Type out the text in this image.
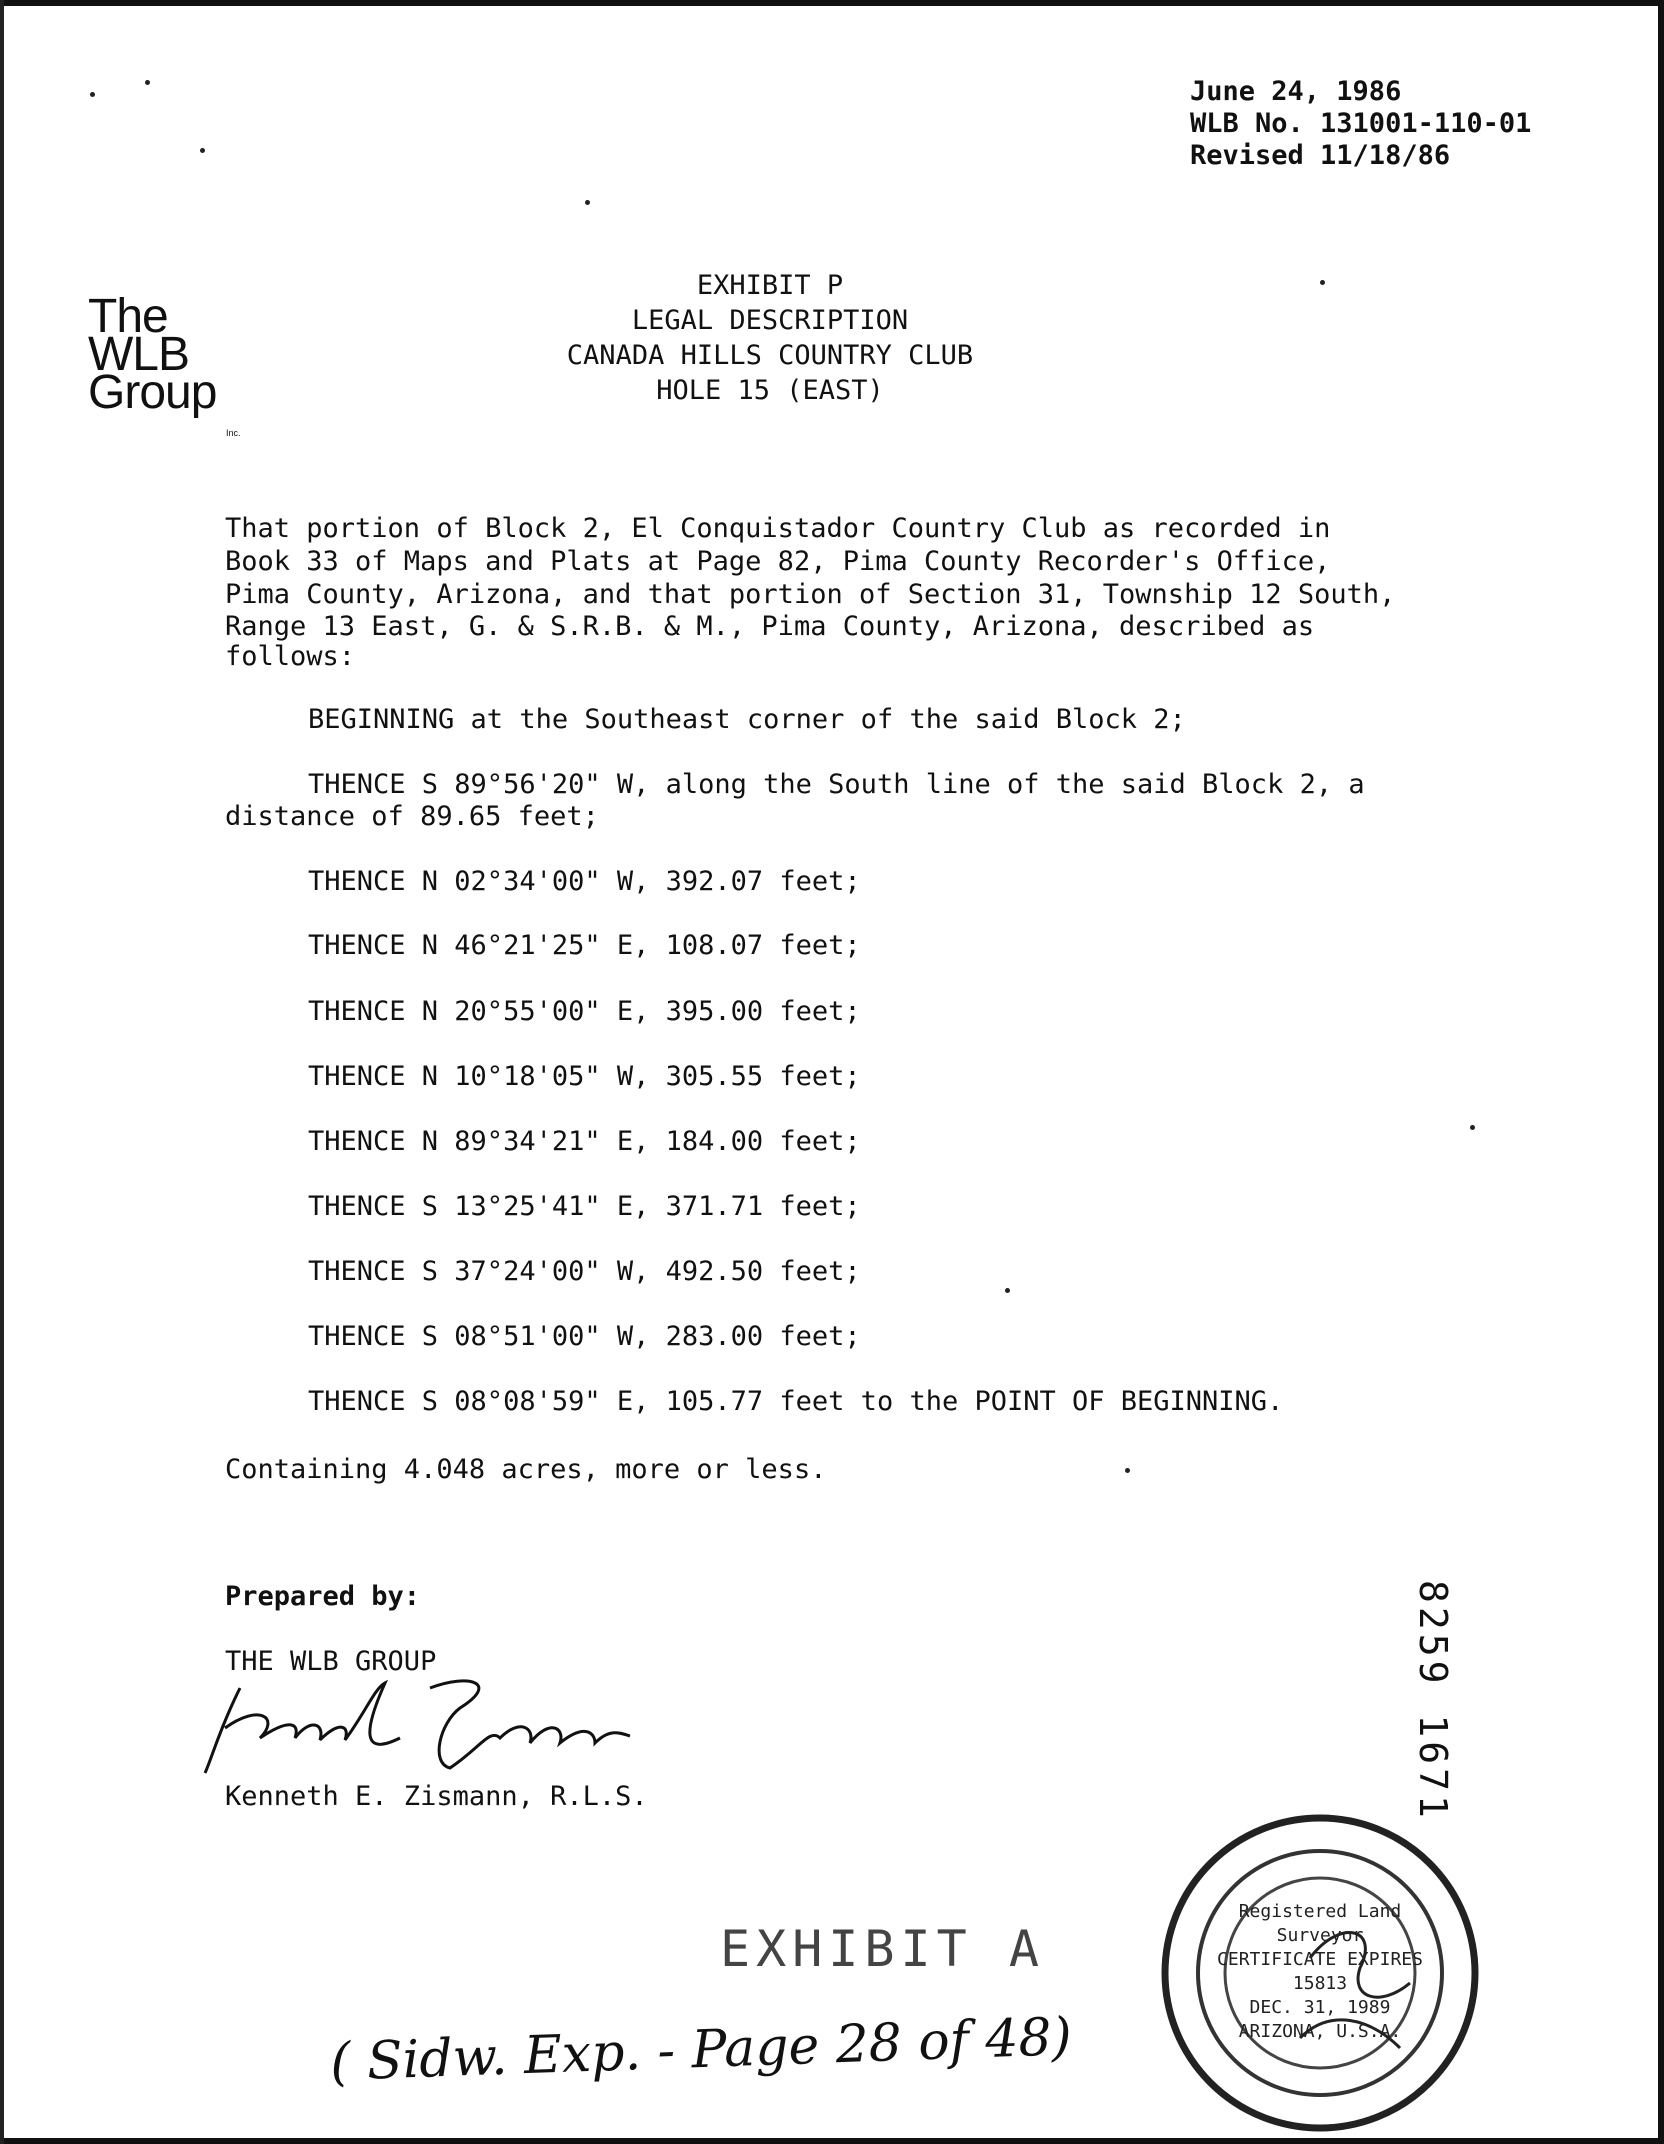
June 24, 1986
WLB No. 131001-110-01
Revised 11/18/86
The
WLB
Group
Inc.
EXHIBIT P
LEGAL DESCRIPTION
CANADA HILLS COUNTRY CLUB
HOLE 15 (EAST)
That portion of Block 2, El Conquistador Country Club as recorded in
Book 33 of Maps and Plats at Page 82, Pima County Recorder's Office,
Pima County, Arizona, and that portion of Section 31, Township 12 South,
Range 13 East, G. & S.R.B. & M., Pima County, Arizona, described as
follows:
BEGINNING at the Southeast corner of the said Block 2;
THENCE S 89°56'20" W, along the South line of the said Block 2, a
distance of 89.65 feet;
THENCE N 02°34'00" W, 392.07 feet;
THENCE N 46°21'25" E, 108.07 feet;
THENCE N 20°55'00" E, 395.00 feet;
THENCE N 10°18'05" W, 305.55 feet;
THENCE N 89°34'21" E, 184.00 feet;
THENCE S 13°25'41" E, 371.71 feet;
THENCE S 37°24'00" W, 492.50 feet;
THENCE S 08°51'00" W, 283.00 feet;
THENCE S 08°08'59" E, 105.77 feet to the POINT OF BEGINNING.
Containing 4.048 acres, more or less.
Prepared by:
THE WLB GROUP
Kenneth E. Zismann, R.L.S.	8259 1671
Registered Land Surveyor
CERTIFICATE EXPIRES
15813
DEC. 31, 1989
ARIZONA, U.S.A.
EXHIBIT A
( Sidw. Exp. - Page 28 of 48)
